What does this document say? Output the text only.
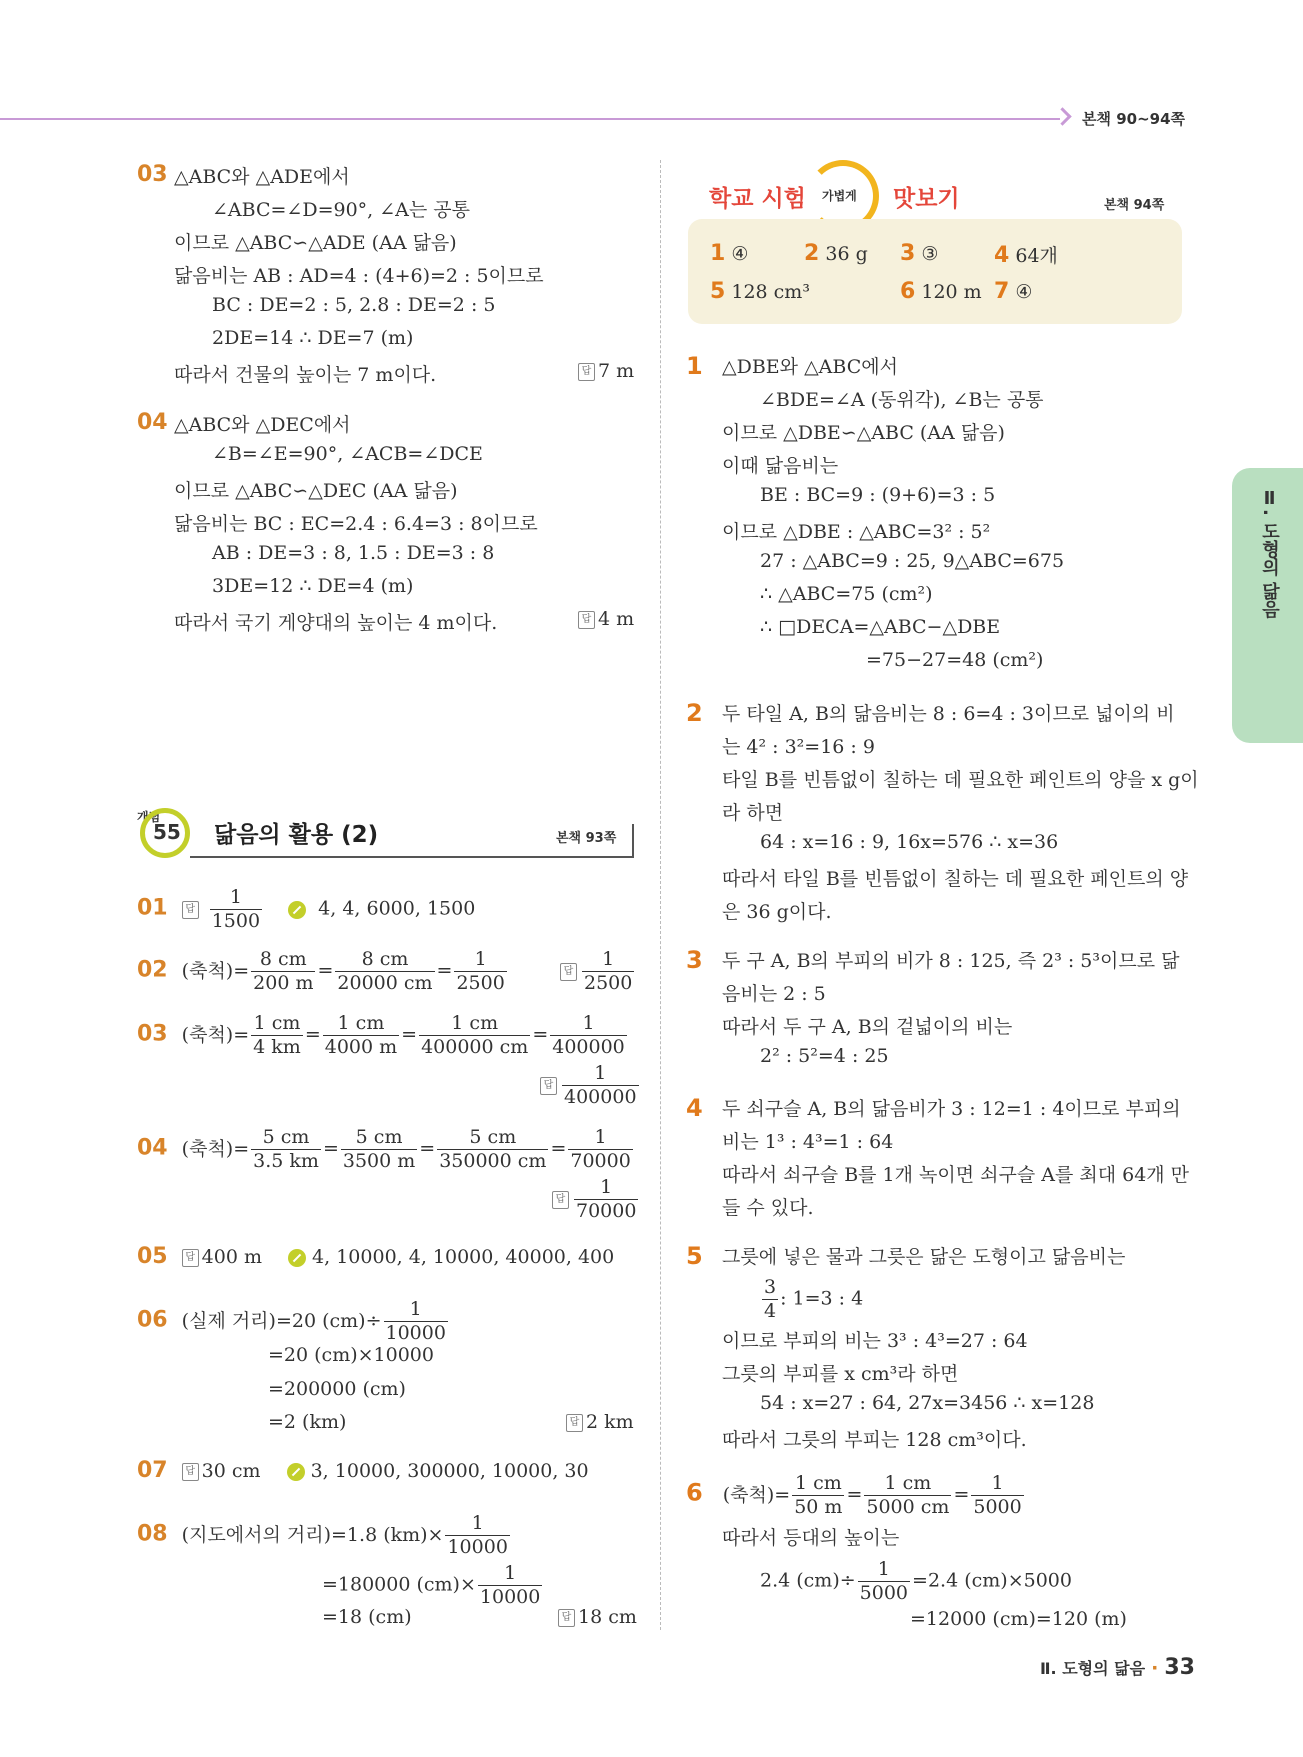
본책 90~94쪽
Ⅱ. 도형의 닮음
03 △ABC와 △ADE에서
∠ABC=∠D=90°, ∠A는 공통
이므로 △ABC∽△ADE (AA 닮음)
닮음비는 AB : AD=4 : (4+6)=2 : 5이므로
BC : DE=2 : 5, 2.8 : DE=2 : 5
2DE=14 ∴ DE=7 (m)
따라서 건물의 높이는 7 m이다.	답 7 m
04 △ABC와 △DEC에서
∠B=∠E=90°, ∠ACB=∠DCE
이므로 △ABC∽△DEC (AA 닮음)
닮음비는 BC : EC=2.4 : 6.4=3 : 8이므로
AB : DE=3 : 8, 1.5 : DE=3 : 8
3DE=12 ∴ DE=4 (m)
따라서 국기 게양대의 높이는 4 m이다.	답 4 m
개념
55 닮음의 활용 (2)	본책 93쪽
01 답 $\frac{1}{1500}$	4, 4, 6000, 1500
02 (축척)= $\frac{8 cm}{200 m} = \frac{8 cm}{20000 cm} = \frac{1}{2500}$	답 $\frac{1}{2500}$
03 (축척)= $\frac{1 cm}{4 km} = \frac{1 cm}{4000 m} = \frac{1 cm}{400000 cm} = \frac{1}{400000}$
답 $\frac{1}{400000}$
04 (축척)= $\frac{5 cm}{3.5 km} = \frac{5 cm}{3500 m} = \frac{5 cm}{350000 cm} = \frac{1}{70000}$
답 $\frac{1}{70000}$
05 답 400 m	4, 10000, 4, 10000, 40000, 400
06 (실제 거리)=20 $(cm)\div \frac{1}{10000}$
=20 (cm)×10000
=200000 (cm)
=2 (km)	답 2 km
07 답 30 cm	3, 10000, 300000, 10000, 30
08 (지도에서의 거리)=1.8 $(km)\times \frac{1}{10000}$
=180000 $(cm)\times \frac{1}{10000}$
=18 (cm)	답 18 cm
학교 시험 가볍게 맛보기	본책 94쪽
1 ④	2 36 g 3 ③	4 64개
5 128 cm³	6 120 m 7 ④
1 △DBE와 △ABC에서
∠BDE=∠A (동위각), ∠B는 공통
이므로 △DBE∽△ABC (AA 닮음)
이때 닮음비는
BE : BC=9 : (9+6)=3 : 5
이므로 △DBE : △ABC=3² : 5²
27 : △ABC=9 : 25, 9△ABC=675
∴ △ABC=75 (cm²)
∴ □DECA=△ABC−△DBE
=75−27=48 (cm²)
2 두 타일 A, B의 닮음비는 8 : 6=4 : 3이므로 넓이의 비
는 4² : 3²=16 : 9
타일 B를 빈틈없이 칠하는 데 필요한 페인트의 양을 x g이
라 하면
64 : x=16 : 9, 16x=576 ∴ x=36
따라서 타일 B를 빈틈없이 칠하는 데 필요한 페인트의 양
은 36 g이다.
3 두 구 A, B의 부피의 비가 8 : 125, 즉 2³ : 5³이므로 닮
음비는 2 : 5
따라서 두 구 A, B의 겉넓이의 비는
2² : 5²=4 : 25
4 두 쇠구슬 A, B의 닮음비가 3 : 12=1 : 4이므로 부피의
비는 1³ : 4³=1 : 64
따라서 쇠구슬 B를 1개 녹이면 쇠구슬 A를 최대 64개 만
들 수 있다.
5 그릇에 넣은 물과 그릇은 닮은 도형이고 닮음비는
$\frac{3}{4}$ : 1=3 : 4
이므로 부피의 비는 3³ : 4³=27 : 64
그릇의 부피를 x cm³라 하면
54 : x=27 : 64, 27x=3456 ∴ x=128
따라서 그릇의 부피는 128 cm³이다.
6 (축척)= $\frac{1 cm}{50 m} = \frac{1 cm}{5000 cm} = \frac{1}{5000}$
따라서 등대의 높이는
2.4 $(cm)\div \frac{1}{5000} =2.4$ (cm)×5000
=12000 (cm)=120 (m)
Ⅱ. 도형의 닮음 · 33
